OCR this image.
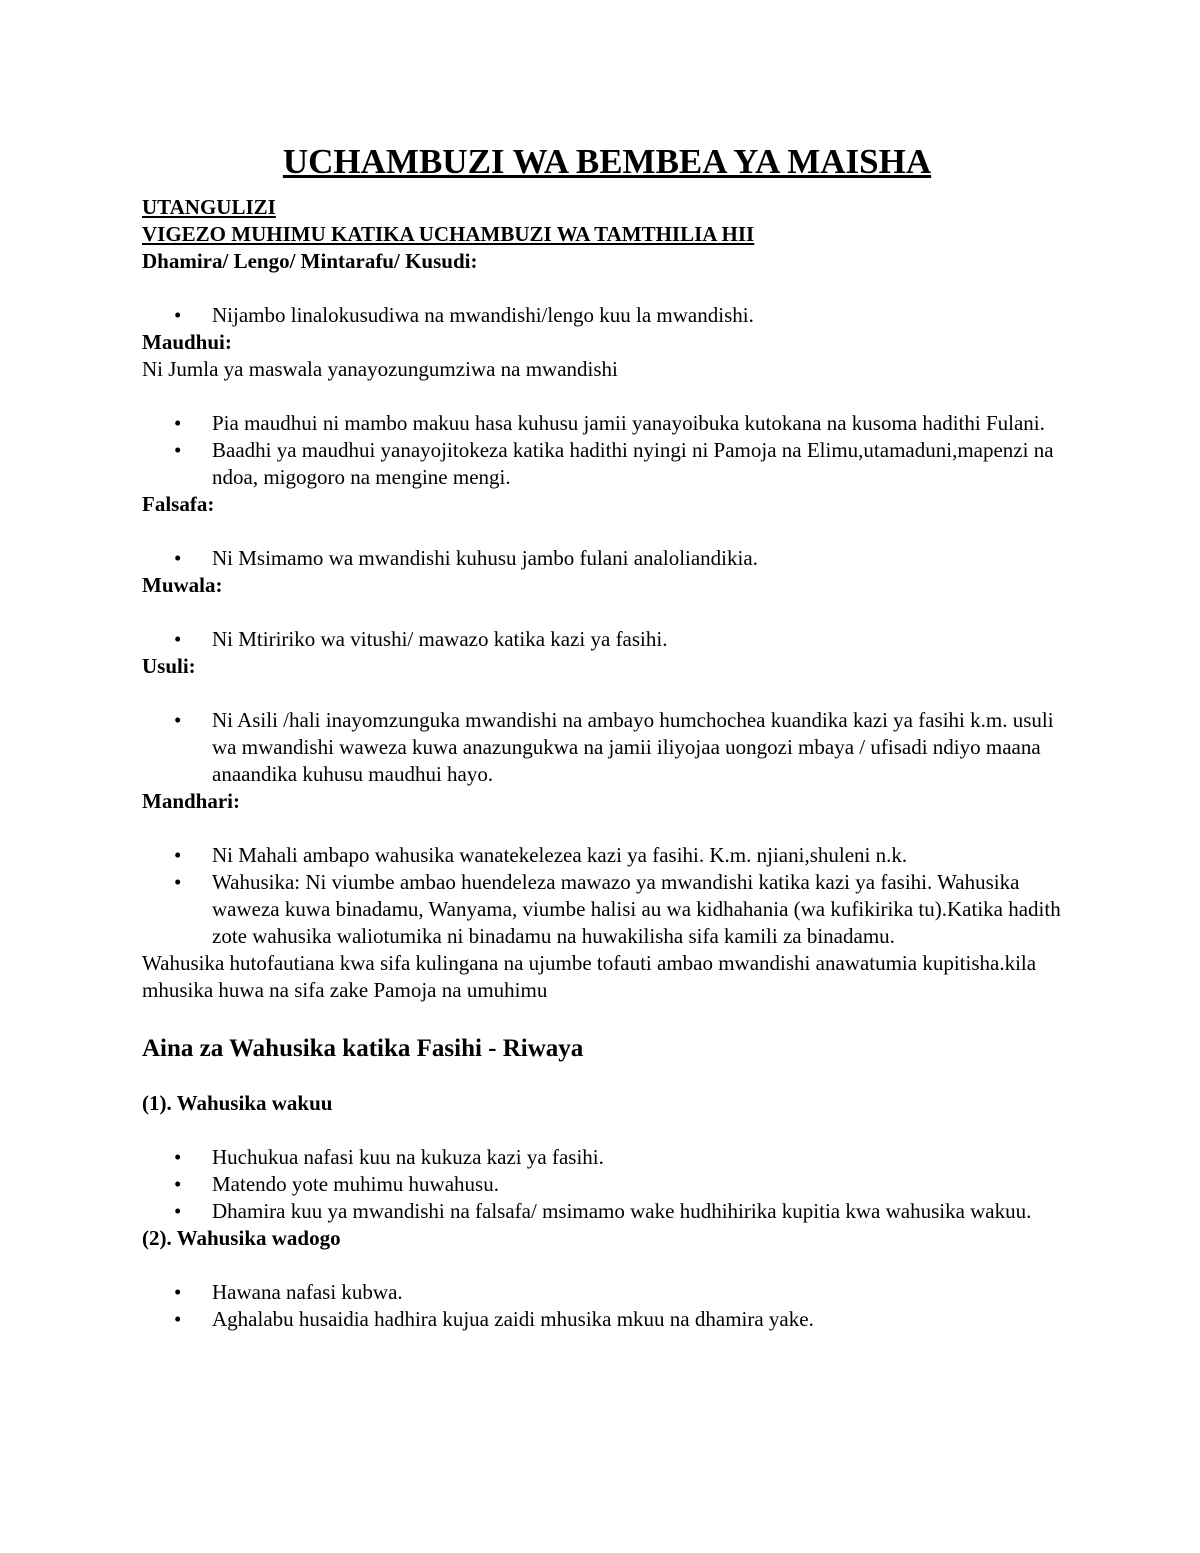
UCHAMBUZI WA BEMBEA YA MAISHA

UTANGULIZI

VIGEZO MUHIMU KATIKA UCHAMBUZI WA TAMTHILIA HII

Dhamira/ Lengo/ Mintarafu/ Kusudi:

• Nijambo linalokusudiwa na mwandishi/lengo kuu la mwandishi.

Maudhui:

Ni Jumla ya maswala yanayozungumziwa na mwandishi

• Pia maudhui ni mambo makuu hasa kuhusu jamii yanayoibuka kutokana na kusoma hadithi Fulani.
• Baadhi ya maudhui yanayojitokeza katika hadithi nyingi ni Pamoja na Elimu,utamaduni,mapenzi na ndoa, migogoro na mengine mengi.

Falsafa:

• Ni Msimamo wa mwandishi kuhusu jambo fulani analoliandikia.

Muwala:

• Ni Mtiririko wa vitushi/ mawazo katika kazi ya fasihi.

Usuli:

• Ni Asili /hali inayomzunguka mwandishi na ambayo humchochea kuandika kazi ya fasihi k.m. usuli wa mwandishi waweza kuwa anazungukwa na jamii iliyojaa uongozi mbaya / ufisadi ndiyo maana anaandika kuhusu maudhui hayo.

Mandhari:

• Ni Mahali ambapo wahusika wanatekelezea kazi ya fasihi. K.m. njiani,shuleni n.k.
• Wahusika: Ni viumbe ambao huendeleza mawazo ya mwandishi katika kazi ya fasihi. Wahusika waweza kuwa binadamu, Wanyama, viumbe halisi au wa kidhahania (wa kufikirika tu).Katika hadith zote wahusika waliotumika ni binadamu na huwakilisha sifa kamili za binadamu.

Wahusika hutofautiana kwa sifa kulingana na ujumbe tofauti ambao mwandishi anawatumia kupitisha.kila mhusika huwa na sifa zake Pamoja na umuhimu

Aina za Wahusika katika Fasihi - Riwaya

(1). Wahusika wakuu

• Huchukua nafasi kuu na kukuza kazi ya fasihi.
• Matendo yote muhimu huwahusu.
• Dhamira kuu ya mwandishi na falsafa/ msimamo wake hudhihirika kupitia kwa wahusika wakuu.

(2). Wahusika wadogo

• Hawana nafasi kubwa.
• Aghalabu husaidia hadhira kujua zaidi mhusika mkuu na dhamira yake.
